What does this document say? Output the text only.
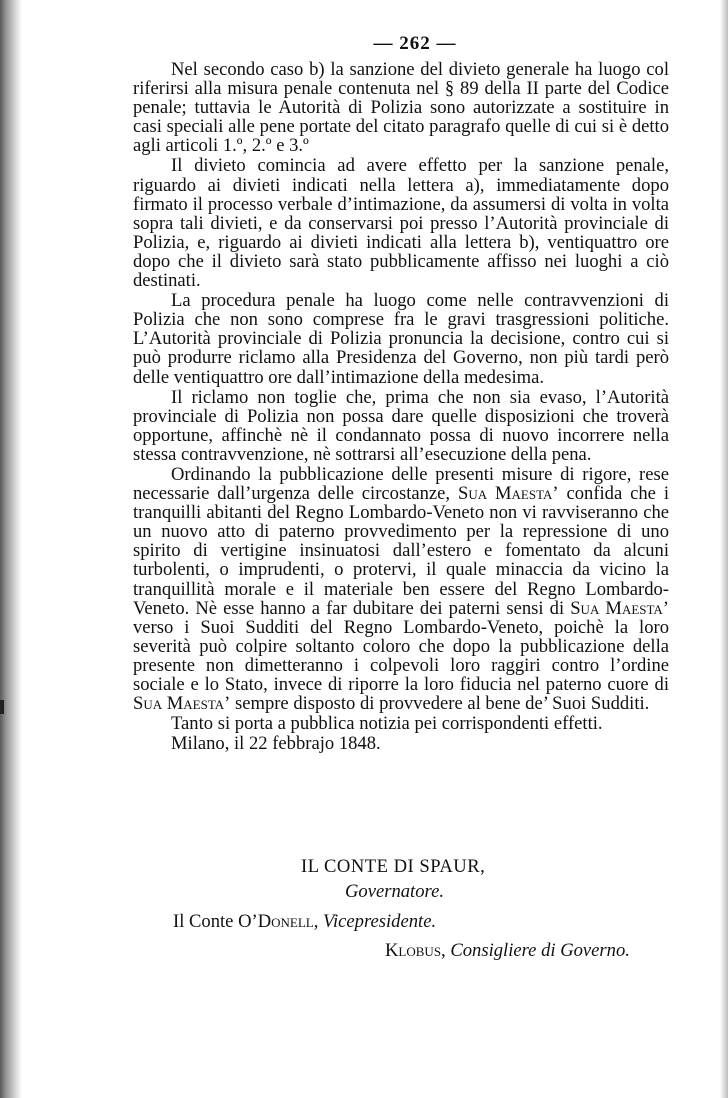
— 262 —

Nel secondo caso b) la sanzione del divieto generale ha luogo col riferirsi alla misura penale contenuta nel § 89 della II parte del Codice penale; tuttavia le Autorità di Polizia sono autorizzate a sostituire in casi speciali alle pene portate del citato paragrafo quelle di cui si è detto agli articoli 1.º, 2.º e 3.º

Il divieto comincia ad avere effetto per la sanzione penale, riguardo ai divieti indicati nella lettera a), immediatamente dopo firmato il processo verbale d’intimazione, da assumersi di volta in volta sopra tali divieti, e da conservarsi poi presso l’Autorità provinciale di Polizia, e, riguardo ai divieti indicati alla lettera b), ventiquattro ore dopo che il divieto sarà stato pubblicamente affisso nei luoghi a ciò destinati.

La procedura penale ha luogo come nelle contravvenzioni di Polizia che non sono comprese fra le gravi trasgressioni politiche. L’Autorità provinciale di Polizia pronuncia la decisione, contro cui si può produrre riclamo alla Presidenza del Governo, non più tardi però delle ventiquattro ore dall’intimazione della medesima.

Il riclamo non toglie che, prima che non sia evaso, l’Autorità provinciale di Polizia non possa dare quelle disposizioni che troverà opportune, affinchè nè il condannato possa di nuovo incorrere nella stessa contravvenzione, nè sottrarsi all’esecuzione della pena.

Ordinando la pubblicazione delle presenti misure di rigore, rese necessarie dall’urgenza delle circostanze, Sua Maesta’ confida che i tranquilli abitanti del Regno Lombardo-Veneto non vi ravviseranno che un nuovo atto di paterno provvedimento per la repressione di uno spirito di vertigine insinuatosi dall’estero e fomentato da alcuni turbolenti, o imprudenti, o protervi, il quale minaccia da vicino la tranquillità morale e il materiale ben essere del Regno Lombardo-Veneto. Nè esse hanno a far dubitare dei paterni sensi di Sua Maesta’ verso i Suoi Sudditi del Regno Lombardo-Veneto, poichè la loro severità può colpire soltanto coloro che dopo la pubblicazione della presente non dimetteranno i colpevoli loro raggiri contro l’ordine sociale e lo Stato, invece di riporre la loro fiducia nel paterno cuore di Sua Maesta’ sempre disposto di provvedere al bene de’ Suoi Sudditi.

Tanto si porta a pubblica notizia pei corrispondenti effetti.

Milano, il 22 febbrajo 1848.

IL CONTE DI SPAUR,
Governatore.
Il Conte O’Donell, Vicepresidente.
Klobus, Consigliere di Governo.
